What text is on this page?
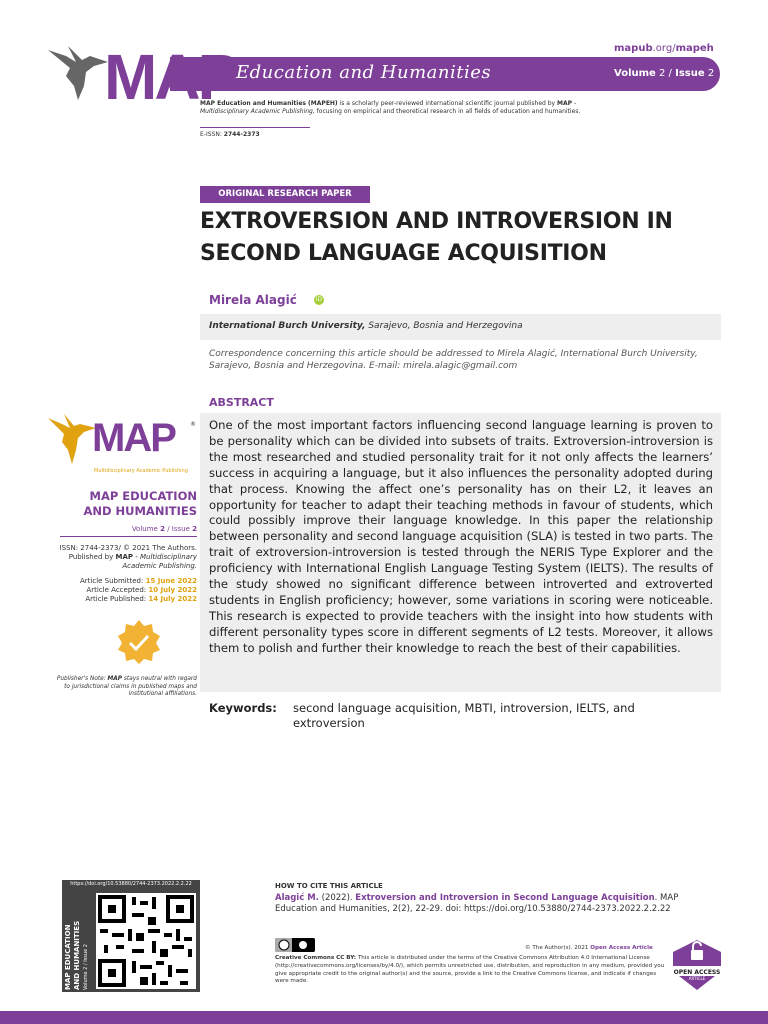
mapub.org/mapeh
MAP
Education and Humanities	Volume 2 / Issue 2
MAP Education and Humanities (MAPEH) is a scholarly peer-reviewed international scientific journal published by MAP - Multidisciplinary Academic Publishing, focusing on empirical and theoretical research in all fields of education and humanities.
E-ISSN: 2744-2373
ORIGINAL RESEARCH PAPER
EXTROVERSION AND INTROVERSION IN
SECOND LANGUAGE ACQUISITION
Mirela Alagić	iD
International Burch University, Sarajevo, Bosnia and Herzegovina
Correspondence concerning this article should be addressed to Mirela Alagić, International Burch University, Sarajevo, Bosnia and Herzegovina. E-mail: mirela.alagic@gmail.com
ABSTRACT
One of the most important factors influencing second language learning is proven to be personality which can be divided into subsets of traits. Extroversion-introversion is the most researched and studied personality trait for it not only affects the learners’ success in acquiring a language, but it also influences the personality adopted during that process. Knowing the affect one’s personality has on their L2, it leaves an opportunity for teacher to adapt their teaching methods in favour of students, which could possibly improve their language knowledge. In this paper the relationship between personality and second language acquisition (SLA) is tested in two parts. The trait of extroversion-introversion is tested through the NERIS Type Explorer and the proficiency with International English Language Testing System (IELTS). The results of the study showed no significant difference between introverted and extroverted students in English proficiency; however, some variations in scoring were noticeable. This research is expected to provide teachers with the insight into how students with different personality types score in different segments of L2 tests. Moreover, it allows them to polish and further their knowledge to reach the best of their capabilities.
Keywords: second language acquisition, MBTI, introversion, IELTS, and extroversion
MAP	®
Multidisciplinary Academic Publishing
MAP EDUCATION
AND HUMANITIES
Volume 2 / Issue 2
ISSN: 2744-2373/ © 2021 The Authors.
Published by MAP - Multidisciplinary
Academic Publishing.
Article Submitted: 15 June 2022
Article Accepted: 10 July 2022
Article Published: 14 July 2022
Publisher's Note: MAP stays neutral with regard to jurisdictional claims in published maps and institutional affiliations.
https://doi.org/10.53880/2744-2373.2022.2.2.22
MAP EDUCATION AND HUMANITIES Volume 2 / Issue 2
HOW TO CITE THIS ARTICLE
Alagić M. (2022). Extroversion and Introversion in Second Language Acquisition. MAP Education and Humanities, 2(2), 22-29. doi: https://doi.org/10.53880/2744-2373.2022.2.2.22
© The Author(s). 2021 Open Access Article
Creative Commons CC BY: This article is distributed under the terms of the Creative Commons Attribution 4.0 International License (http://creativecommons.org/licenses/by/4.0/), which permits unrestricted use, distribution, and reproduction in any medium, provided you give appropriate credit to the original author(s) and the source, provide a link to the Creative Commons license, and indicate if changes were made.
OPEN ACCESS
ARTICLE
